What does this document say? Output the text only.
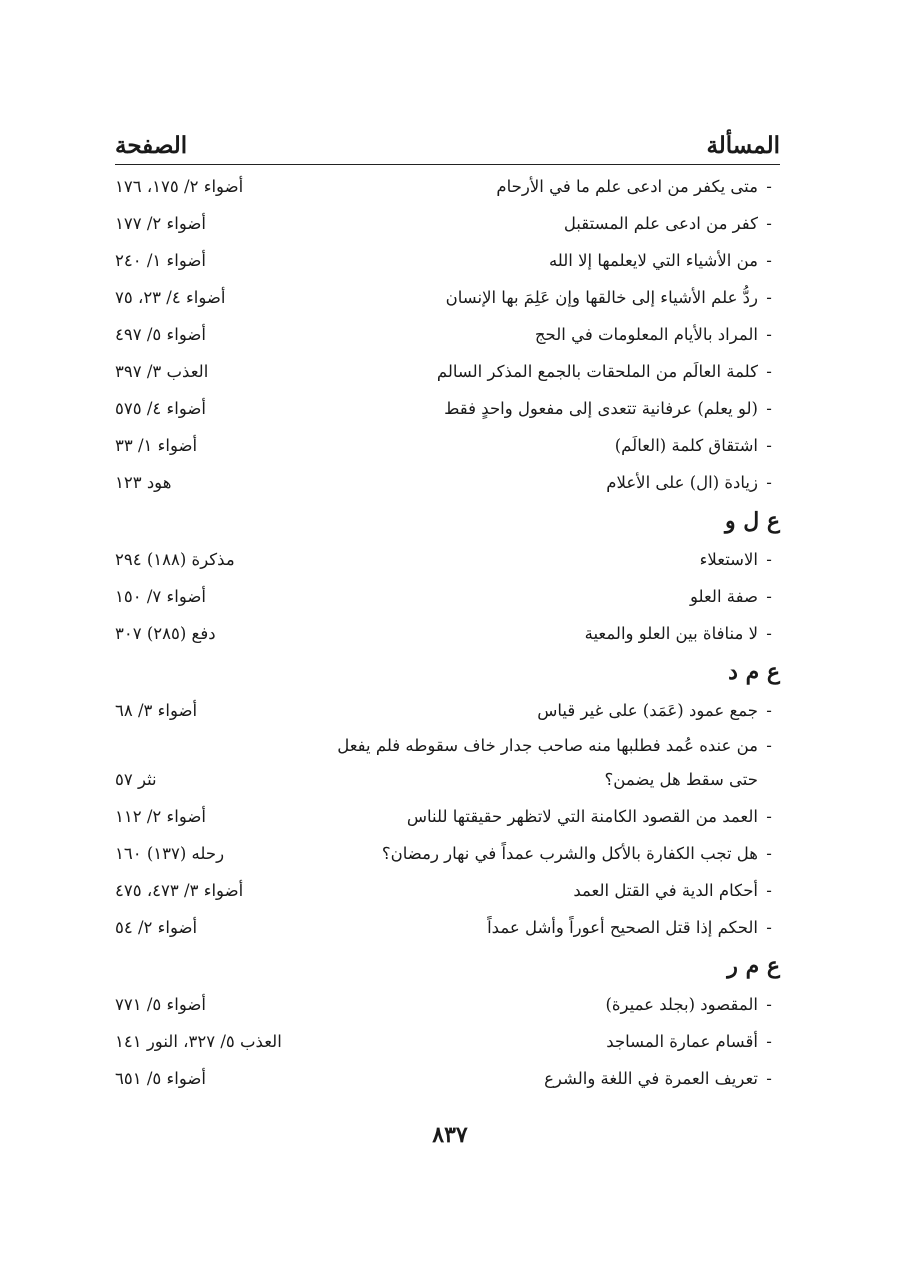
المسألة
الصفحة
-
متى يكفر من ادعى علم ما في الأرحام
أضواء ٢/ ١٧٥، ١٧٦
-
كفر من ادعى علم المستقبل
أضواء ٢/ ١٧٧
-
من الأشياء التي لايعلمها إلا الله
أضواء ١/ ٢٤٠
-
ردُّ علم الأشياء إلى خالقها وإن عَلِمَ بها الإنسان
أضواء ٤/ ٢٣، ٧٥
-
المراد بالأيام المعلومات في الحج
أضواء ٥/ ٤٩٧
-
كلمة العالَم من الملحقات بالجمع المذكر السالم
العذب ٣/ ٣٩٧
-
(لو يعلم) عرفانية تتعدى إلى مفعول واحدٍ فقط
أضواء ٤/ ٥٧٥
-
اشتقاق كلمة (العالَم)
أضواء ١/ ٣٣
-
زيادة (ال) على الأعلام
هود ١٢٣
ع ل و
-
الاستعلاء
مذكرة (١٨٨) ٢٩٤
-
صفة العلو
أضواء ٧/ ١٥٠
-
لا منافاة بين العلو والمعية
دفع (٢٨٥) ٣٠٧
ع م د
-
جمع عمود (عَمَد) على غير قياس
أضواء ٣/ ٦٨
-
من عنده عُمد فطلبها منه صاحب جدار خاف سقوطه فلم يفعل
حتى سقط هل يضمن؟
نثر ٥٧
-
العمد من القصود الكامنة التي لاتظهر حقيقتها للناس
أضواء ٢/ ١١٢
-
هل تجب الكفارة بالأكل والشرب عمداً في نهار رمضان؟
رحله (١٣٧) ١٦٠
-
أحكام الدية في القتل العمد
أضواء ٣/ ٤٧٣، ٤٧٥
-
الحكم إذا قتل الصحيح أعوراً وأشل عمداً
أضواء ٢/ ٥٤
ع م ر
-
المقصود (بجلد عميرة)
أضواء ٥/ ٧٧١
-
أقسام عمارة المساجد
العذب ٥/ ٣٢٧، النور ١٤١
-
تعريف العمرة في اللغة والشرع
أضواء ٥/ ٦٥١
٨٣٧
